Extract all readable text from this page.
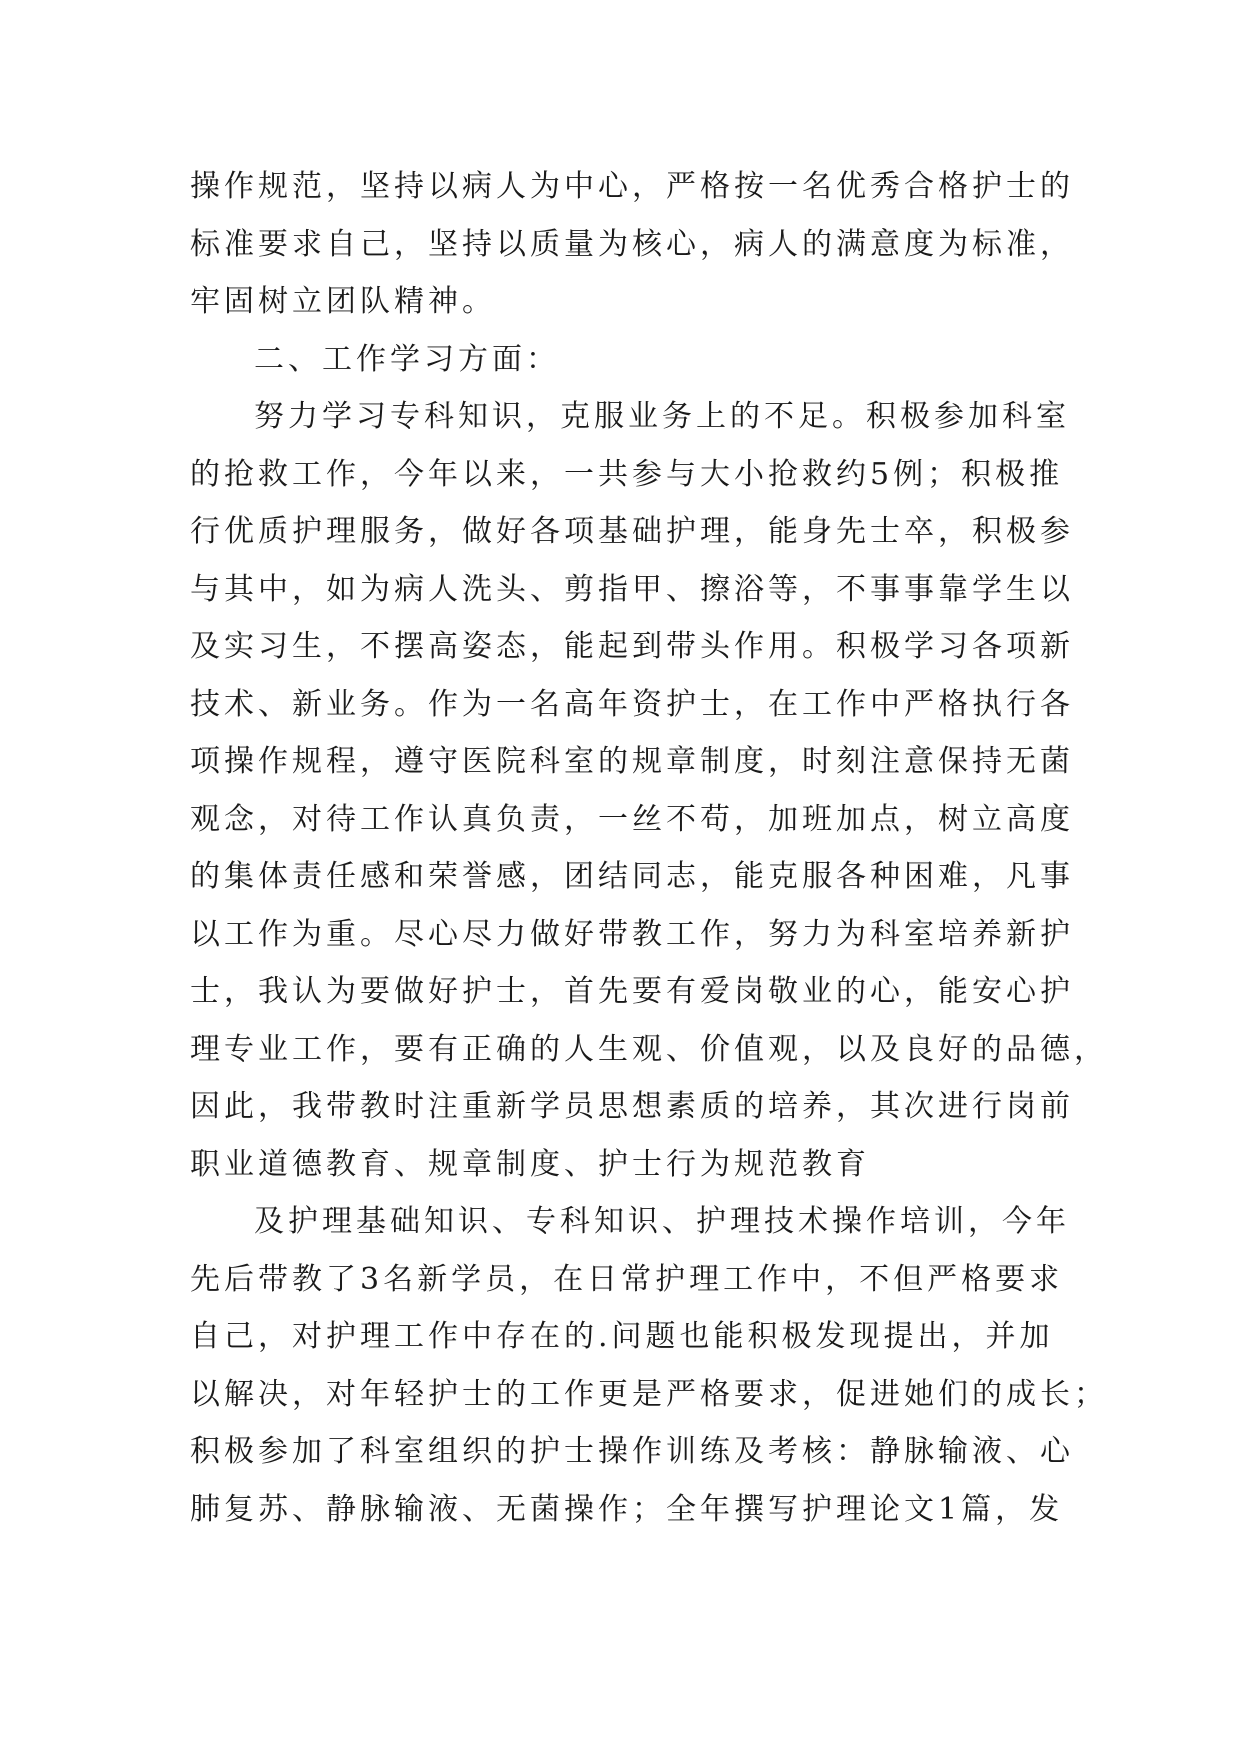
操作规范，坚持以病人为中心，严格按一名优秀合格护士的
标准要求自己，坚持以质量为核心，病人的满意度为标准，
牢固树立团队精神。
二、工作学习方面：
努力学习专科知识，克服业务上的不足。积极参加科室
的抢救工作，今年以来，一共参与大小抢救约5例；积极推
行优质护理服务，做好各项基础护理，能身先士卒，积极参
与其中，如为病人洗头、剪指甲、擦浴等，不事事靠学生以
及实习生，不摆高姿态，能起到带头作用。积极学习各项新
技术、新业务。作为一名高年资护士，在工作中严格执行各
项操作规程，遵守医院科室的规章制度，时刻注意保持无菌
观念，对待工作认真负责，一丝不苟，加班加点，树立高度
的集体责任感和荣誉感，团结同志，能克服各种困难，凡事
以工作为重。尽心尽力做好带教工作，努力为科室培养新护
士，我认为要做好护士，首先要有爱岗敬业的心，能安心护
理专业工作，要有正确的人生观、价值观，以及良好的品德，
因此，我带教时注重新学员思想素质的培养，其次进行岗前
职业道德教育、规章制度、护士行为规范教育
及护理基础知识、专科知识、护理技术操作培训，今年
先后带教了3名新学员，在日常护理工作中，不但严格要求
自己，对护理工作中存在的.问题也能积极发现提出，并加
以解决，对年轻护士的工作更是严格要求，促进她们的成长；
积极参加了科室组织的护士操作训练及考核：静脉输液、心
肺复苏、静脉输液、无菌操作；全年撰写护理论文1篇，发
